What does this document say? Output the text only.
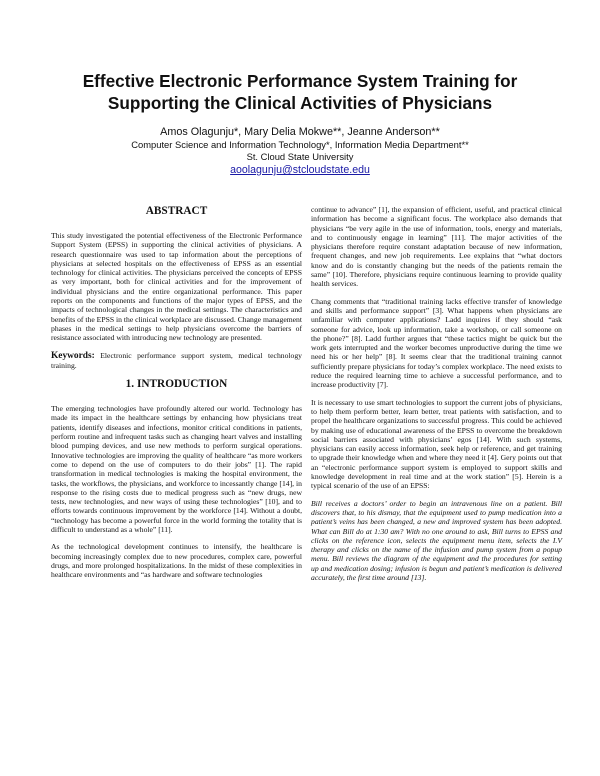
Effective Electronic Performance System Training for Supporting the Clinical Activities of Physicians
Amos Olagunju*, Mary Delia Mokwe**, Jeanne Anderson**
Computer Science and Information Technology*, Information Media Department**
St. Cloud State University
aoolagunju@stcloudstate.edu
ABSTRACT

This study investigated the potential effectiveness of the Electronic Performance Support System (EPSS) in supporting the clinical activities of physicians. A research questionnaire was used to tap information about the perceptions of physicians at selected hospitals on the effectiveness of EPSS as an essential technology for clinical activities. The physicians perceived the concepts of EPSS as very important, both for clinical activities and for the improvement of individual physicians and the entire organizational performance. This paper reports on the components and functions of the major types of EPSS, and the impacts of technological changes in the medical settings. The characteristics and benefits of the EPSS in the clinical workplace are discussed. Change management phases in the medical settings to help physicians overcome the barriers of resistance associated with introducing new technology are presented.

Keywords: Electronic performance support system, medical technology training.

1. INTRODUCTION

The emerging technologies have profoundly altered our world. Technology has made its impact in the healthcare settings by enhancing how physicians treat patients, identify diseases and infections, monitor critical conditions in patients, perform routine and infrequent tasks such as changing heart valves and installing blood pumping devices, and use new methods to perform surgical operations. Innovative technologies are improving the quality of healthcare “as more workers come to depend on the use of computers to do their jobs” [1]. The rapid transformation in medical technologies is making the hospital environment, the tasks, the workflows, the physicians, and workforce to incessantly change [14], in response to the rising costs due to medical progress such as “new drugs, new tests, new technologies, and new ways of using these technologies” [10], and to efforts towards continuous improvement by the workforce [14]. Without a doubt, “technology has become a powerful force in the world forming the totality that is difficult to understand as a whole” [11].

As the technological development continues to intensify, the healthcare is becoming increasingly complex due to new procedures, complex care, powerful drugs, and more prolonged hospitalizations. In the midst of these complexities in healthcare environments and “as hardware and software technologies

continue to advance” [1], the expansion of efficient, useful, and practical clinical information has become a significant focus. The workplace also demands that physicians “be very agile in the use of information, tools, energy and materials, and to continuously engage in learning” [11]. The major activities of the physicians therefore require constant adaptation because of new information, frequent changes, and new job requirements. Lee explains that “what doctors know and do is constantly changing but the needs of the patients remain the same” [10]. Therefore, physicians require continuous learning to provide quality health services.

Chang comments that “traditional training lacks effective transfer of knowledge and skills and performance support” [3]. What happens when physicians are unfamiliar with computer applications? Ladd inquires if they should “ask someone for advice, look up information, take a workshop, or call someone on the phone?” [8]. Ladd further argues that “these tactics might be quick but the work gets interrupted and the worker becomes unproductive during the time we need his or her help” [8]. It seems clear that the traditional training cannot sufficiently prepare physicians for today’s complex workplace. The need exists to reduce the required learning time to achieve a successful performance, and to increase productivity [7].

It is necessary to use smart technologies to support the current jobs of physicians, to help them perform better, learn better, treat patients with satisfaction, and to propel the healthcare organizations to successful progress. This could be achieved by making use of educational awareness of the EPSS to overcome the breakdown social barriers associated with physicians’ egos [14]. With such systems, physicians can easily access information, seek help or reference, and get training to upgrade their knowledge when and where they need it [4]. Gery points out that an “electronic performance support system is employed to support skills and knowledge development in real time and at the work station” [5]. Herein is a typical scenario of the use of an EPSS:

Bill receives a doctors’ order to begin an intravenous line on a patient. Bill discovers that, to his dismay, that the equipment used to pump medication into a patient’s veins has been changed, a new and improved system has been adopted. What can Bill do at 1:30 am? With no one around to ask, Bill turns to EPSS and clicks on the reference icon, selects the equipment menu item, selects the I.V therapy and clicks on the name of the infusion and pump system from a popup menu. Bill reviews the diagram of the equipment and the procedures for setting up and medication dosing; infusion is begun and patient’s medication is delivered accurately, the first time around [13].
